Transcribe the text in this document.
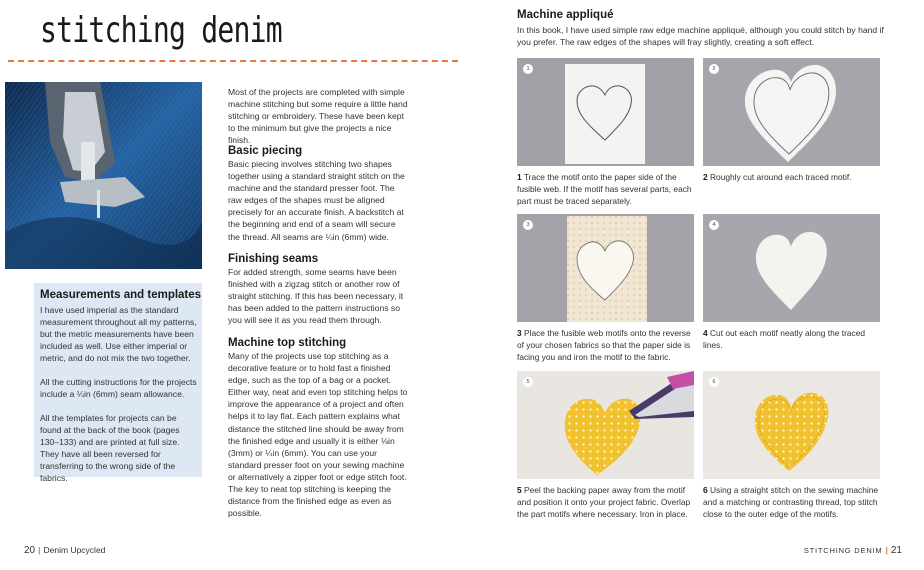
stitching denim
Measurements and templates
I have used imperial as the standard measurement throughout all my patterns, but the metric measurements have been included as well. Use either imperial or metric, and do not mix the two together.
All the cutting instructions for the projects include a ¼in (6mm) seam allowance.
All the templates for projects can be found at the back of the book (pages 130–133) and are printed at full size. They have all been reversed for transferring to the wrong side of the fabrics.
Most of the projects are completed with simple machine stitching but some require a little hand stitching or embroidery. These have been kept to the minimum but give the projects a nice finish.
Basic piecing
Basic piecing involves stitching two shapes together using a standard straight stitch on the machine and the standard presser foot. The raw edges of the shapes must be aligned precisely for an accurate finish. A backstitch at the beginning and end of a seam will secure the thread. All seams are ¼in (6mm) wide.
Finishing seams
For added strength, some seams have been finished with a zigzag stitch or another row of straight stitching. If this has been necessary, it has been added to the pattern instructions so you will see it as you read them through.
Machine top stitching
Many of the projects use top stitching as a decorative feature or to hold fast a finished edge, such as the top of a bag or a pocket. Either way, neat and even top stitching helps to improve the appearance of a project and often helps it to lay flat. Each pattern explains what distance the stitched line should be away from the finished edge and usually it is either ⅛in (3mm) or ¼in (6mm). You can use your standard presser foot on your sewing machine or alternatively a zipper foot or edge stitch foot. The key to neat top stitching is keeping the distance from the finished edge as even as possible.
20 | Denim Upcycled
Machine appliqué
In this book, I have used simple raw edge machine appliqué, although you could stitch by hand if you prefer. The raw edges of the shapes will fray slightly, creating a soft effect.
1	2
1 Trace the motif onto the paper side of the fusible web. If the motif has several parts, each part must be traced separately.
2 Roughly cut around each traced motif.
3	4
3 Place the fusible web motifs onto the reverse of your chosen fabrics so that the paper side is facing you and iron the motif to the fabric.
4 Cut out each motif neatly along the traced lines.
5	6
5 Peel the backing paper away from the motif and position it onto your project fabric. Overlap the part motifs where necessary. Iron in place.
6 Using a straight stitch on the sewing machine and a matching or contrasting thread, top stitch close to the outer edge of the motifs.
STITCHING DENIM | 21
